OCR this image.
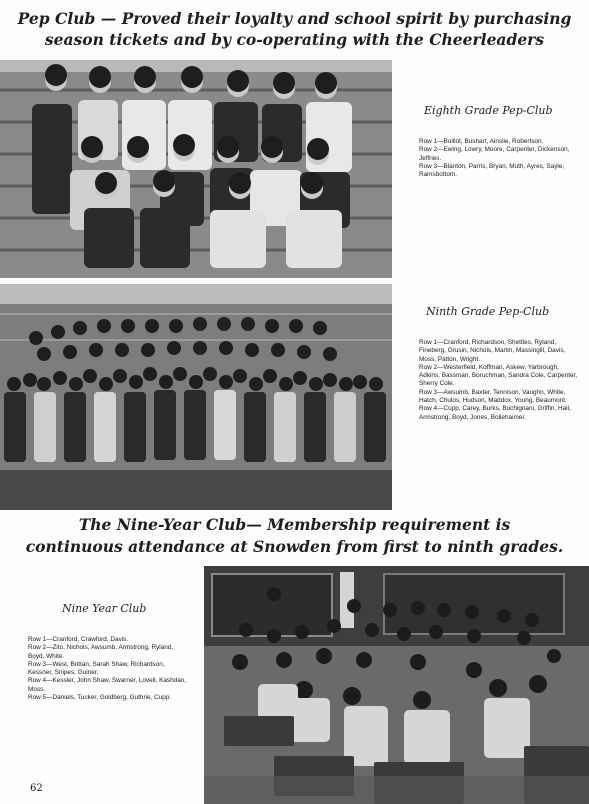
Pep Club — Proved their loyalty and school spirit by purchasing
season tickets and by co-operating with the Cheerleaders
Eighth Grade Pep-Club
Row 1—Boillot, Bushart, Ainslie, Robertson.
Row 2—Ewing, Lowry, Moore, Carpenter, Dickenson, Jeffries.
Row 3—Blanton, Parris, Bryan, Muth, Ayres, Sayle, Ramsbottom.
Ninth Grade Pep-Club
Row 1—Cranford, Richardson, Shettles, Ryland, Fineberg, Grusin, Nichols, Martin, Massingill, Davis, Moss, Patton, Wright.
Row 2—Westerfield, Koffman, Askew, Yarbrough, Adkins, Bassman, Boruchman, Sandra Cole, Carpenter, Sherry Cole.
Row 3—Awsumb, Baxter, Tennison, Vaughn, White, Hatch, Chulos, Hudson, Maddox, Young, Beaumont.
Row 4—Cupp, Carey, Burks, Buchignani, Griffin, Hall, Armstrong, Boyd, Jones, Bollehaimer.
The Nine-Year Club— Membership requirement is
continuous attendance at Snowden from first to ninth grades.
Nine Year Club
Row 1—Cranford, Crawford, Davis.
Row 2—Zito, Nichols, Awsumb, Armstrong, Ryland, Boyd, White.
Row 3—West, Brittan, Sarah Shaw, Richardson, Kessner, Snipes, Guiner.
Row 4—Kessler, John Shaw, Swarner, Lovell, Kashdan, Moss.
Row 5—Daniels, Tucker, Goldberg, Guthrie, Cupp.
62
